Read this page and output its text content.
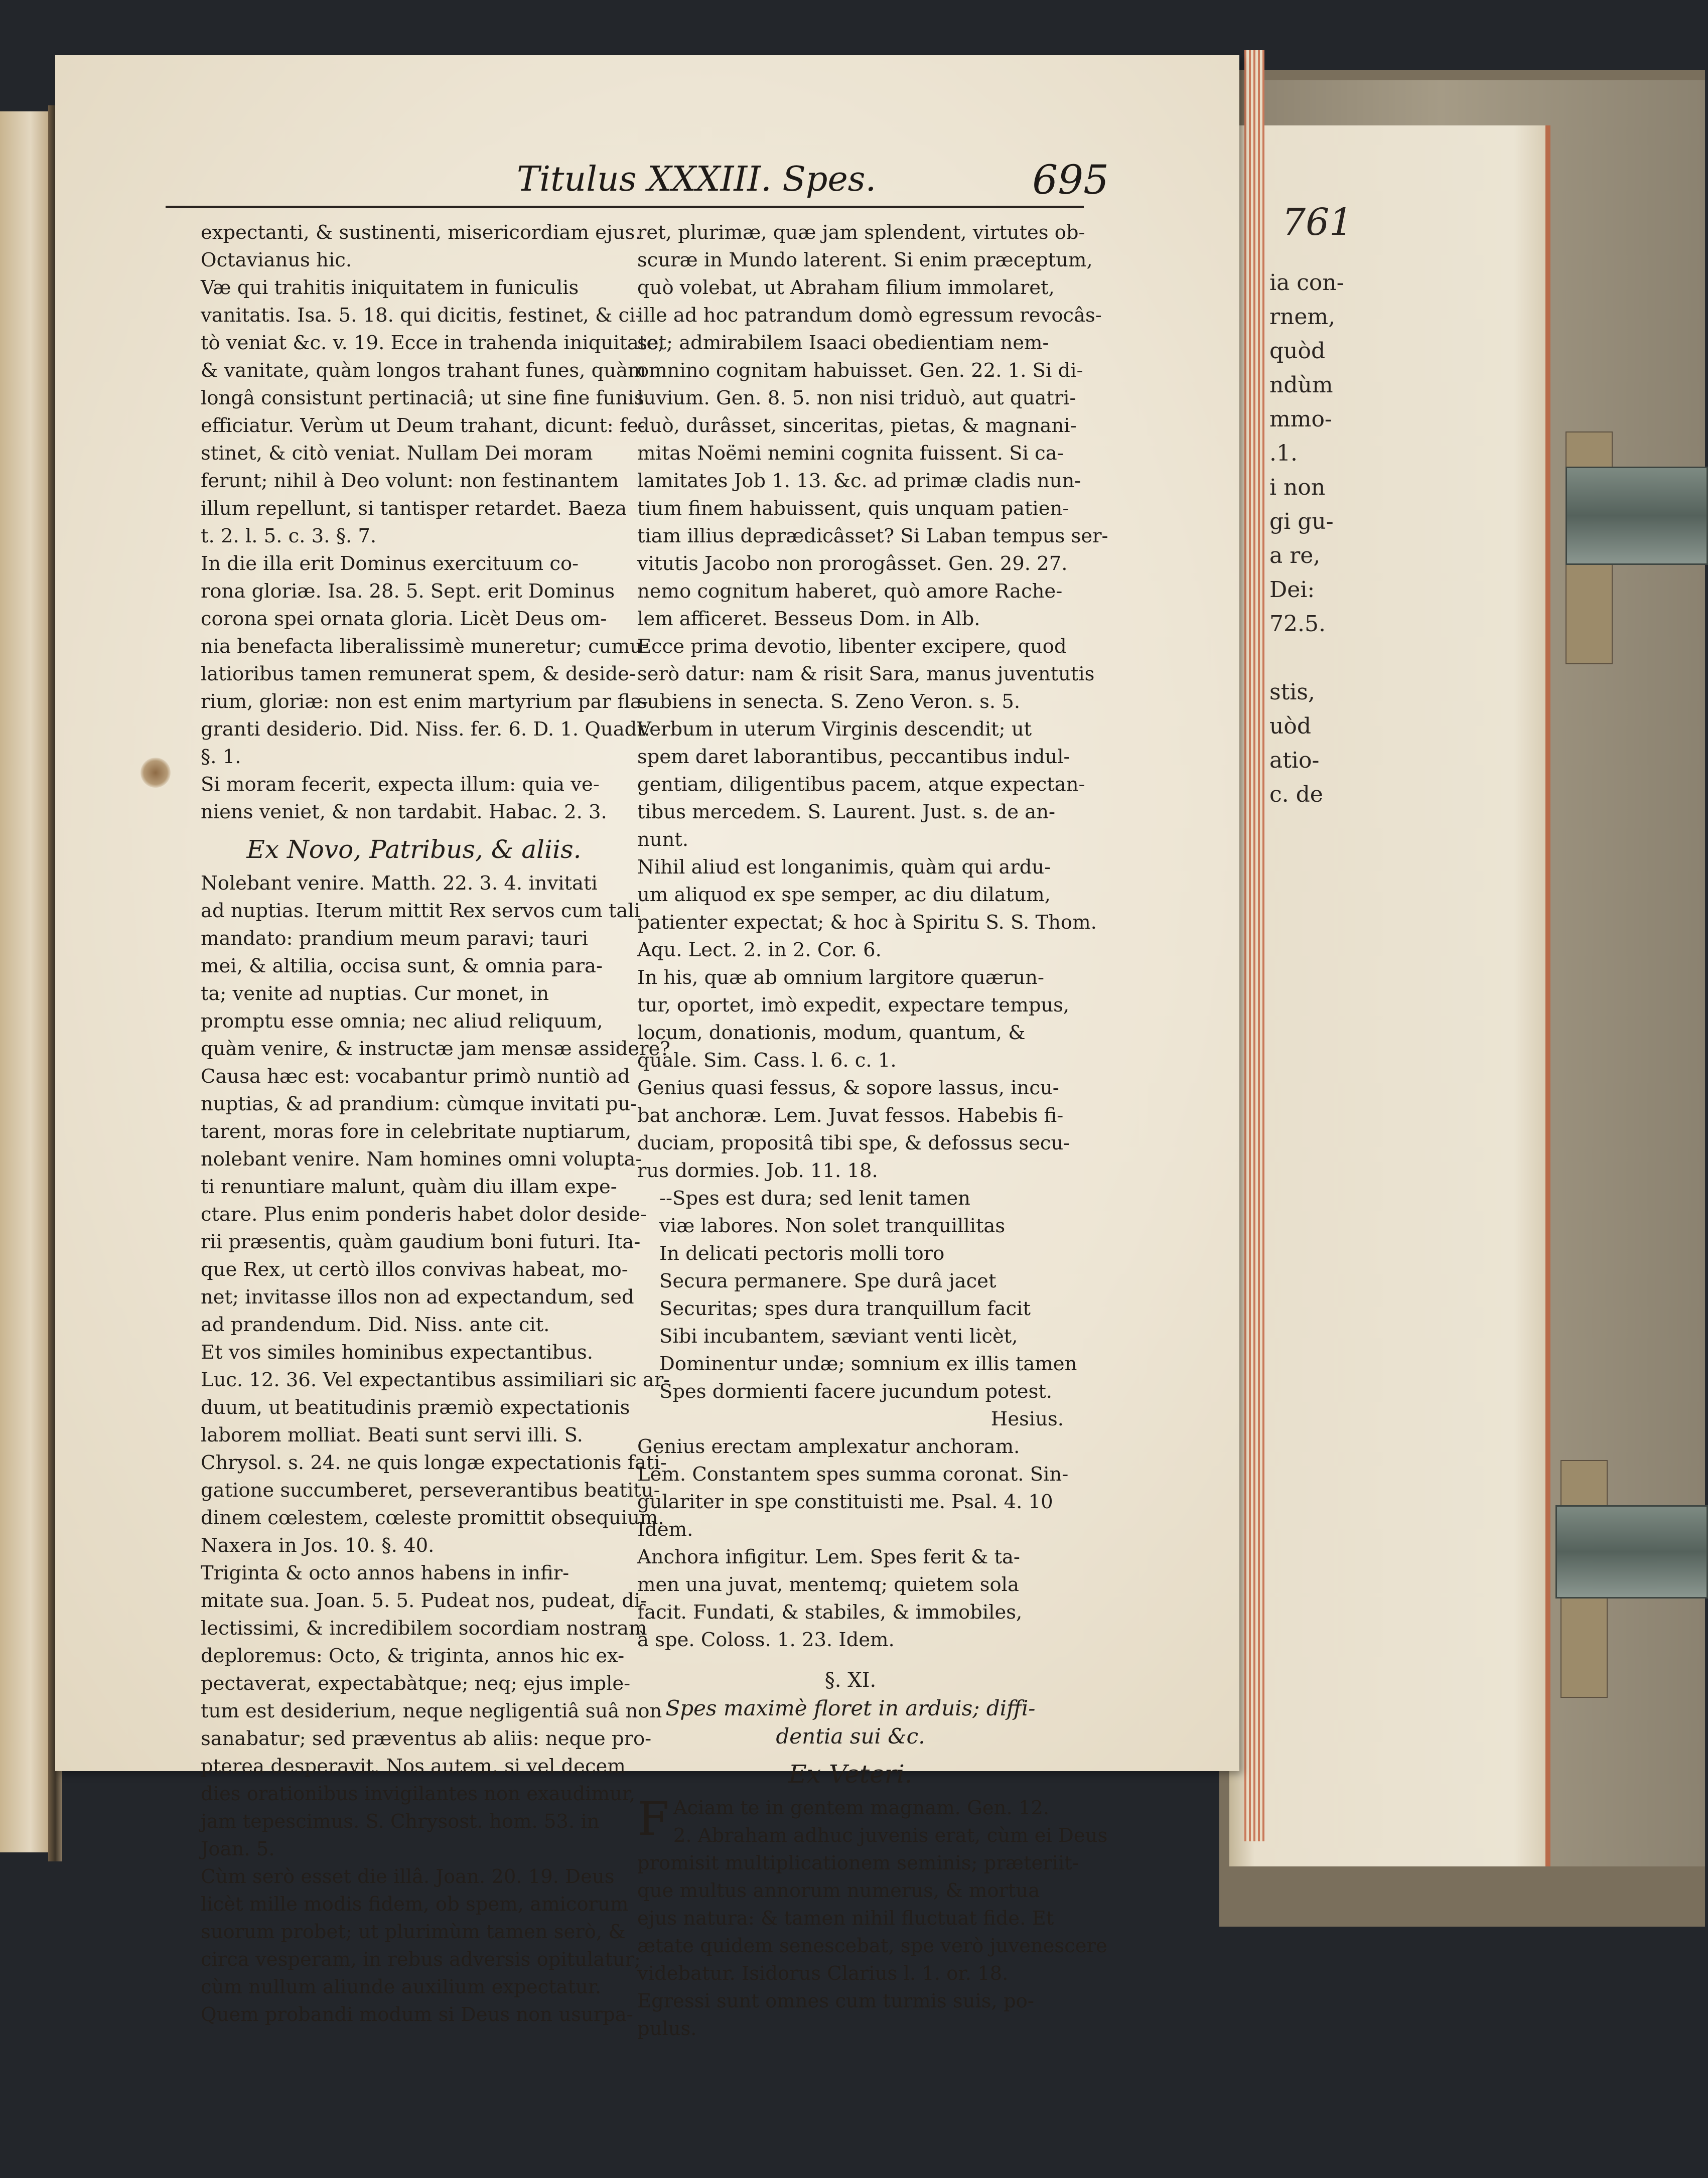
761
ia con-
rnem,
quòd
ndùm
mmo-
.1.
i non
gi gu-
a re,
Dei:
72.5.

stis,
uòd
atio-
c. de
Titulus XXXIII. Spes.	695
expectanti, & sustinenti, misericordiam ejus.
Octavianus hic.
Væ qui trahitis iniquitatem in funiculis
vanitatis. Isa. 5. 18. qui dicitis, festinet, & ci-
tò veniat &c. v. 19. Ecce in trahenda iniquitate,
& vanitate, quàm longos trahant funes, quàm
longâ consistunt pertinaciâ; ut sine fine funis
efficiatur. Verùm ut Deum trahant, dicunt: fe-
stinet, & citò veniat. Nullam Dei moram
ferunt; nihil à Deo volunt: non festinantem
illum repellunt, si tantisper retardet. Baeza
t. 2. l. 5. c. 3. §. 7.
In die illa erit Dominus exercituum co-
rona gloriæ. Isa. 28. 5. Sept. erit Dominus
corona spei ornata gloria. Licèt Deus om-
nia benefacta liberalissimè muneretur; cumu-
latioribus tamen remunerat spem, & deside-
rium, gloriæ: non est enim martyrium par fla-
granti desiderio. Did. Niss. fer. 6. D. 1. Quadr.
§. 1.
Si moram fecerit, expecta illum: quia ve-
niens veniet, & non tardabit. Habac. 2. 3.
Ex Novo, Patribus, & aliis.
Nolebant venire. Matth. 22. 3. 4. invitati
ad nuptias. Iterum mittit Rex servos cum tali
mandato: prandium meum paravi; tauri
mei, & altilia, occisa sunt, & omnia para-
ta; venite ad nuptias. Cur monet, in
promptu esse omnia; nec aliud reliquum,
quàm venire, & instructæ jam mensæ assidere?
Causa hæc est: vocabantur primò nuntiò ad
nuptias, & ad prandium: cùmque invitati pu-
tarent, moras fore in celebritate nuptiarum,
nolebant venire. Nam homines omni volupta-
ti renuntiare malunt, quàm diu illam expe-
ctare. Plus enim ponderis habet dolor deside-
rii præsentis, quàm gaudium boni futuri. Ita-
que Rex, ut certò illos convivas habeat, mo-
net; invitasse illos non ad expectandum, sed
ad prandendum. Did. Niss. ante cit.
Et vos similes hominibus expectantibus.
Luc. 12. 36. Vel expectantibus assimiliari sic ar-
duum, ut beatitudinis præmiò expectationis
laborem molliat. Beati sunt servi illi. S.
Chrysol. s. 24. ne quis longæ expectationis fati-
gatione succumberet, perseverantibus beatitu-
dinem cœlestem, cœleste promittit obsequium.
Naxera in Jos. 10. §. 40.
Triginta & octo annos habens in infir-
mitate sua. Joan. 5. 5. Pudeat nos, pudeat, di-
lectissimi, & incredibilem socordiam nostram
deploremus: Octo, & triginta, annos hic ex-
pectaverat, expectabàtque; neq; ejus imple-
tum est desiderium, neque negligentiâ suâ non
sanabatur; sed præventus ab aliis: neque pro-
pterea desperavit. Nos autem, si vel decem
dies orationibus invigilantes non exaudimur,
jam tepescimus. S. Chrysost. hom. 53. in
Joan. 5.
Cùm serò esset die illâ. Joan. 20. 19. Deus
licèt mille modis fidem, ob spem, amicorum
suorum probet; ut plurimùm tamen serò, &
circa vesperam, in rebus adversis opitulatur;
cùm nullum aliunde auxilium expectatur.
Quem probandi modum si Deus non usurpa-
ret, plurimæ, quæ jam splendent, virtutes ob-
scuræ in Mundo laterent. Si enim præceptum,
quò volebat, ut Abraham filium immolaret,
ille ad hoc patrandum domò egressum revocâs-
set; admirabilem Isaaci obedientiam nem-
omnino cognitam habuisset. Gen. 22. 1. Si di-
luvium. Gen. 8. 5. non nisi triduò, aut quatri-
duò, durâsset, sinceritas, pietas, & magnani-
mitas Noëmi nemini cognita fuissent. Si ca-
lamitates Job 1. 13. &c. ad primæ cladis nun-
tium finem habuissent, quis unquam patien-
tiam illius deprædicâsset? Si Laban tempus ser-
vitutis Jacobo non prorogâsset. Gen. 29. 27.
nemo cognitum haberet, quò amore Rache-
lem afficeret. Besseus Dom. in Alb.
Ecce prima devotio, libenter excipere, quod
serò datur: nam & risit Sara, manus juventutis
subiens in senecta. S. Zeno Veron. s. 5.
Verbum in uterum Virginis descendit; ut
spem daret laborantibus, peccantibus indul-
gentiam, diligentibus pacem, atque expectan-
tibus mercedem. S. Laurent. Just. s. de an-
nunt.
Nihil aliud est longanimis, quàm qui ardu-
um aliquod ex spe semper, ac diu dilatum,
patienter expectat; & hoc à Spiritu S. S. Thom.
Aqu. Lect. 2. in 2. Cor. 6.
In his, quæ ab omnium largitore quærun-
tur, oportet, imò expedit, expectare tempus,
locum, donationis, modum, quantum, &
quale. Sim. Cass. l. 6. c. 1.
Genius quasi fessus, & sopore lassus, incu-
bat anchoræ. Lem. Juvat fessos. Habebis fi-
duciam, propositâ tibi spe, & defossus secu-
rus dormies. Job. 11. 18.
--Spes est dura; sed lenit tamen
viæ labores. Non solet tranquillitas
In delicati pectoris molli toro
Secura permanere. Spe durâ jacet
Securitas; spes dura tranquillum facit
Sibi incubantem, sæviant venti licèt,
Dominentur undæ; somnium ex illis tamen
Spes dormienti facere jucundum potest.
Hesius.
Genius erectam amplexatur anchoram.
Lem. Constantem spes summa coronat. Sin-
gulariter in spe constituisti me. Psal. 4. 10
Idem.
Anchora infigitur. Lem. Spes ferit & ta-
men una juvat, mentemq; quietem sola
facit. Fundati, & stabiles, & immobiles,
à spe. Coloss. 1. 23. Idem.
§. XI.
Spes maximè floret in arduis; diffi-
dentia sui &c.
Ex Veteri.
F Aciam te in gentem magnam. Gen. 12.
2. Abraham adhuc juvenis erat, cùm ei Deus
promisit multiplicationem seminis; præteriit-
que multus annorum numerus, & mortua
ejus natura: & tamen nihil fluctuat fide. Et
ætate quidem senescebat, spe verò juvenescere
videbatur. Isidorus Clarius l. 1. or. 18.
Egressi sunt omnes cum turmis suis, po-
pulus.
